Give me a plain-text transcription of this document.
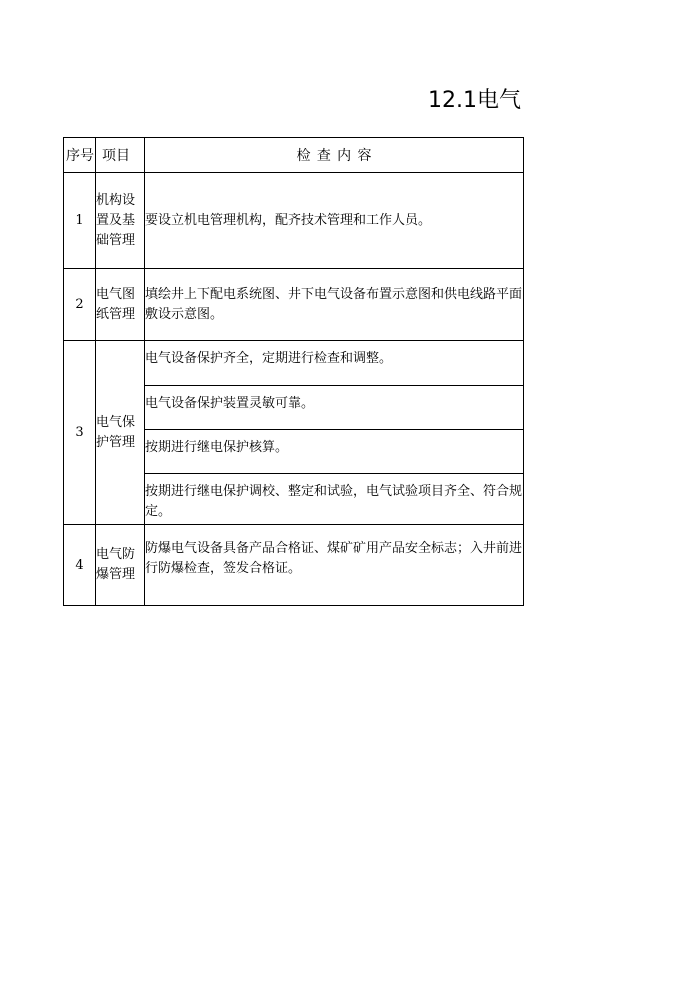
12.1电气
序号	项目	检查内容
1	机构设置及基础管理	要设立机电管理机构，配齐技术管理和工作人员。
2	电气图纸管理	填绘井上下配电系统图、井下电气设备布置示意图和供电线路平面敷设示意图。
3	电气保护管理	电气设备保护齐全，定期进行检查和调整。
		电气设备保护装置灵敏可靠。
		按期进行继电保护核算。
		按期进行继电保护调校、整定和试验，电气试验项目齐全、符合规定。
4	电气防爆管理	防爆电气设备具备产品合格证、煤矿矿用产品安全标志；入井前进行防爆检查，签发合格证。
